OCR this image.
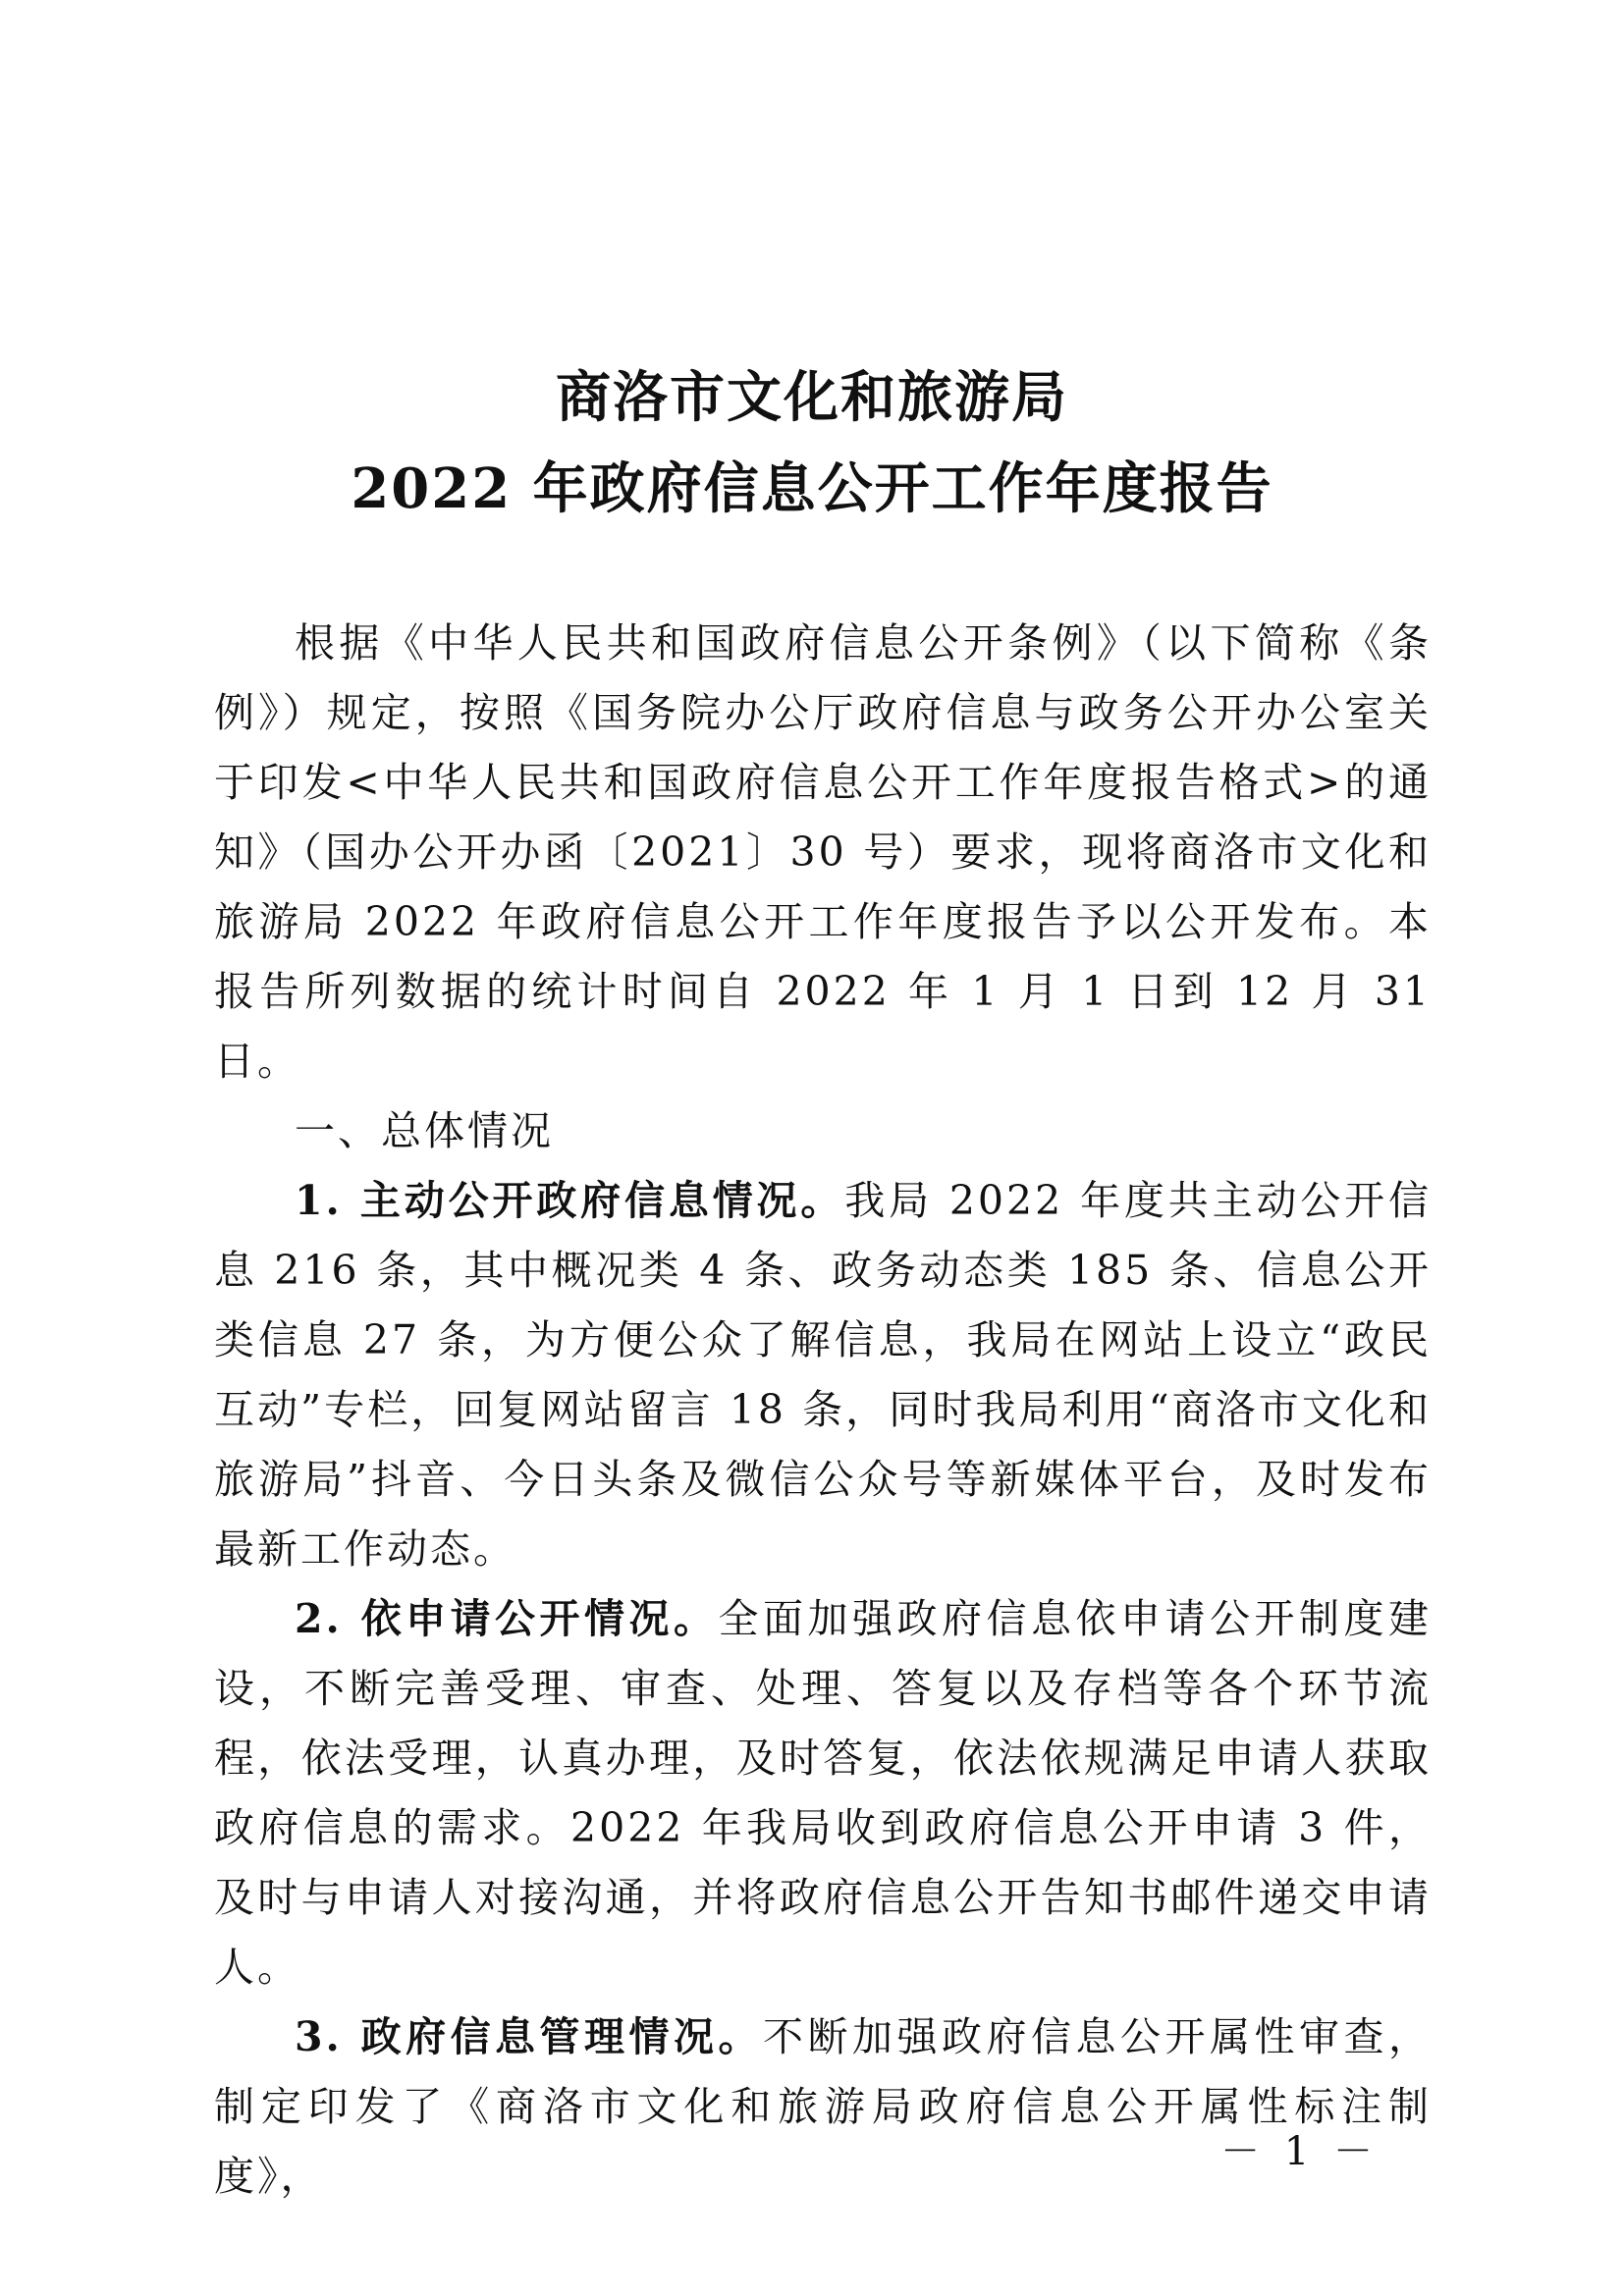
商洛市文化和旅游局
2022 年政府信息公开工作年度报告

根据《中华人民共和国政府信息公开条例》（以下简称《条例》）规定，按照《国务院办公厅政府信息与政务公开办公室关于印发<中华人民共和国政府信息公开工作年度报告格式>的通知》（国办公开办函〔2021〕30 号）要求，现将商洛市文化和旅游局 2022 年政府信息公开工作年度报告予以公开发布。本报告所列数据的统计时间自 2022 年 1 月 1 日到 12 月 31 日。

一、总体情况

1. 主动公开政府信息情况。我局 2022 年度共主动公开信息 216 条，其中概况类 4 条、政务动态类 185 条、信息公开类信息 27 条，为方便公众了解信息，我局在网站上设立“政民互动”专栏，回复网站留言 18 条，同时我局利用“商洛市文化和旅游局”抖音、今日头条及微信公众号等新媒体平台，及时发布最新工作动态。

2. 依申请公开情况。全面加强政府信息依申请公开制度建设，不断完善受理、审查、处理、答复以及存档等各个环节流程，依法受理，认真办理，及时答复，依法依规满足申请人获取政府信息的需求。2022 年我局收到政府信息公开申请 3 件，及时与申请人对接沟通，并将政府信息公开告知书邮件递交申请人。

3. 政府信息管理情况。不断加强政府信息公开属性审查，制定印发了《商洛市文化和旅游局政府信息公开属性标注制度》，

－ 1 －
